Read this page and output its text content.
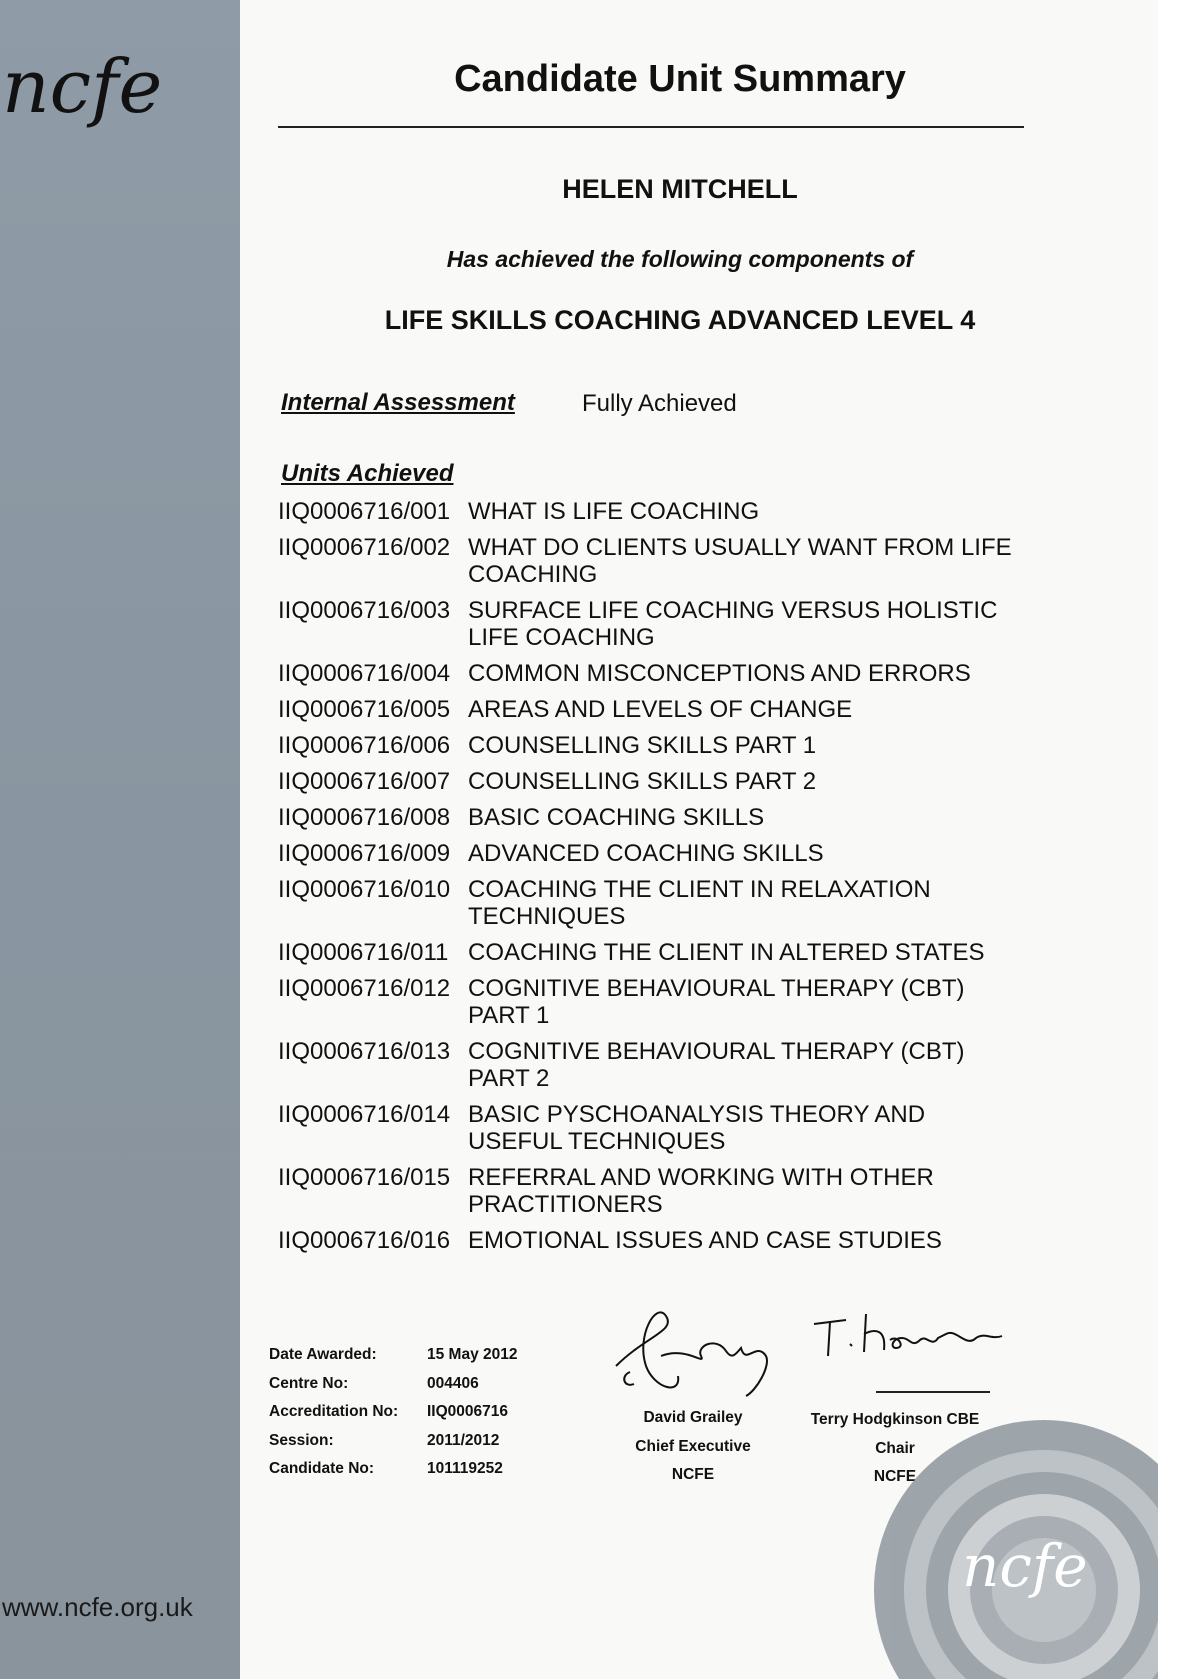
ncfe
www.ncfe.org.uk
Candidate Unit Summary
HELEN MITCHELL
Has achieved the following components of
LIFE SKILLS COACHING ADVANCED LEVEL 4
Internal Assessment	Fully Achieved
Units Achieved
IIQ0006716/001 WHAT IS LIFE COACHING
IIQ0006716/002 WHAT DO CLIENTS USUALLY WANT FROM LIFE COACHING
IIQ0006716/003 SURFACE LIFE COACHING VERSUS HOLISTIC LIFE COACHING
IIQ0006716/004 COMMON MISCONCEPTIONS AND ERRORS
IIQ0006716/005 AREAS AND LEVELS OF CHANGE
IIQ0006716/006 COUNSELLING SKILLS PART 1
IIQ0006716/007 COUNSELLING SKILLS PART 2
IIQ0006716/008 BASIC COACHING SKILLS
IIQ0006716/009 ADVANCED COACHING SKILLS
IIQ0006716/010 COACHING THE CLIENT IN RELAXATION TECHNIQUES
IIQ0006716/011 COACHING THE CLIENT IN ALTERED STATES
IIQ0006716/012 COGNITIVE BEHAVIOURAL THERAPY (CBT) PART 1
IIQ0006716/013 COGNITIVE BEHAVIOURAL THERAPY (CBT) PART 2
IIQ0006716/014 BASIC PYSCHOANALYSIS THEORY AND USEFUL TECHNIQUES
IIQ0006716/015 REFERRAL AND WORKING WITH OTHER PRACTITIONERS
IIQ0006716/016 EMOTIONAL ISSUES AND CASE STUDIES
Date Awarded:	15 May 2012
Centre No:	004406
Accreditation No:	IIQ0006716
Session:	2011/2012
Candidate No:	101119252
David Grailey
Chief Executive
NCFE
Terry Hodgkinson CBE
Chair
NCFE
ncfe
